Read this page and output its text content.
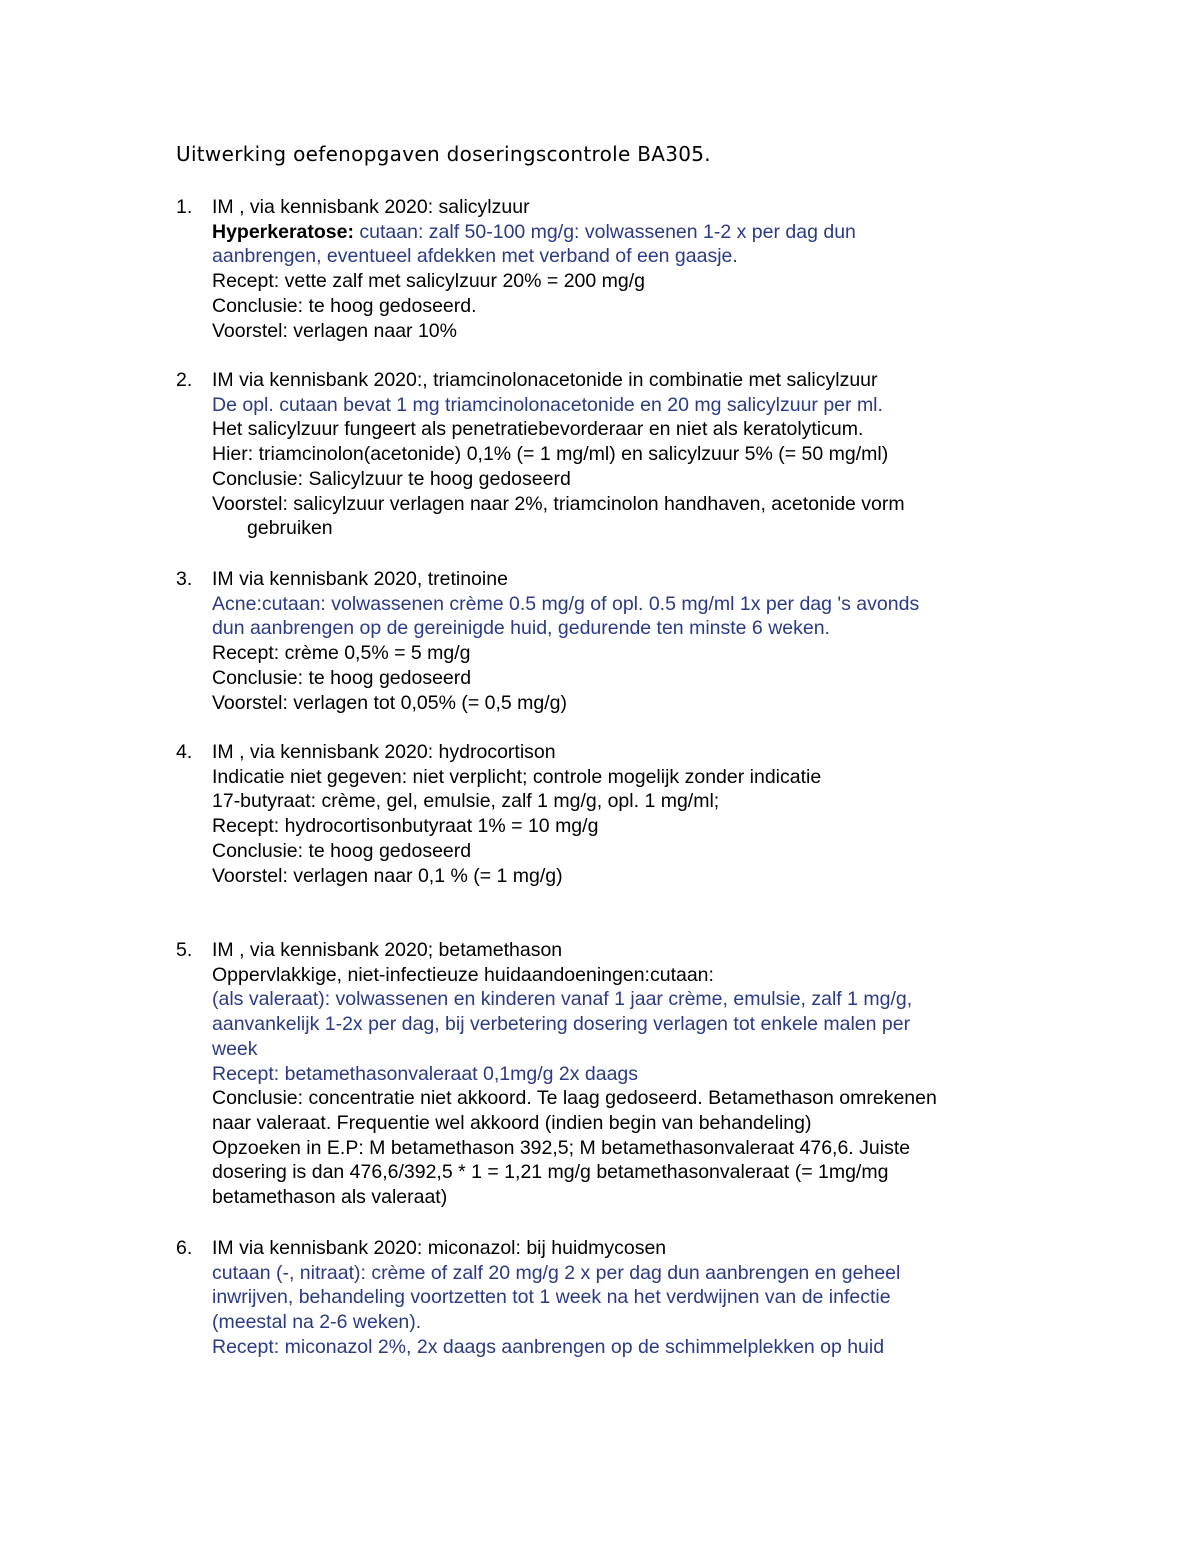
Uitwerking oefenopgaven doseringscontrole BA305.
1. IM , via kennisbank 2020: salicylzuur
Hyperkeratose: cutaan: zalf 50-100 mg/g: volwassenen 1-2 x per dag dun
aanbrengen, eventueel afdekken met verband of een gaasje.
Recept: vette zalf met salicylzuur 20% = 200 mg/g
Conclusie: te hoog gedoseerd.
Voorstel: verlagen naar 10%
2. IM via kennisbank 2020:, triamcinolonacetonide in combinatie met salicylzuur
De opl. cutaan bevat 1 mg triamcinolonacetonide en 20 mg salicylzuur per ml.
Het salicylzuur fungeert als penetratiebevorderaar en niet als keratolyticum.
Hier: triamcinolon(acetonide) 0,1% (= 1 mg/ml) en salicylzuur 5% (= 50 mg/ml)
Conclusie: Salicylzuur te hoog gedoseerd
Voorstel: salicylzuur verlagen naar 2%, triamcinolon handhaven, acetonide vorm
gebruiken
3. IM via kennisbank 2020, tretinoine
Acne:cutaan: volwassenen crème 0.5 mg/g of opl. 0.5 mg/ml 1x per dag 's avonds
dun aanbrengen op de gereinigde huid, gedurende ten minste 6 weken.
Recept: crème 0,5% = 5 mg/g
Conclusie: te hoog gedoseerd
Voorstel: verlagen tot 0,05% (= 0,5 mg/g)
4. IM , via kennisbank 2020: hydrocortison
Indicatie niet gegeven: niet verplicht; controle mogelijk zonder indicatie
17-butyraat: crème, gel, emulsie, zalf 1 mg/g, opl. 1 mg/ml;
Recept: hydrocortisonbutyraat 1% = 10 mg/g
Conclusie: te hoog gedoseerd
Voorstel: verlagen naar 0,1 % (= 1 mg/g)
5. IM , via kennisbank 2020; betamethason
Oppervlakkige, niet-infectieuze huidaandoeningen:cutaan:
(als valeraat): volwassenen en kinderen vanaf 1 jaar crème, emulsie, zalf 1 mg/g,
aanvankelijk 1-2x per dag, bij verbetering dosering verlagen tot enkele malen per
week
Recept: betamethasonvaleraat 0,1mg/g 2x daags
Conclusie: concentratie niet akkoord. Te laag gedoseerd. Betamethason omrekenen
naar valeraat. Frequentie wel akkoord (indien begin van behandeling)
Opzoeken in E.P: M betamethason 392,5; M betamethasonvaleraat 476,6. Juiste
dosering is dan 476,6/392,5 * 1 = 1,21 mg/g betamethasonvaleraat (= 1mg/mg
betamethason als valeraat)
6. IM via kennisbank 2020: miconazol: bij huidmycosen
cutaan (-, nitraat): crème of zalf 20 mg/g 2 x per dag dun aanbrengen en geheel
inwrijven, behandeling voortzetten tot 1 week na het verdwijnen van de infectie
(meestal na 2-6 weken).
Recept: miconazol 2%, 2x daags aanbrengen op de schimmelplekken op huid
